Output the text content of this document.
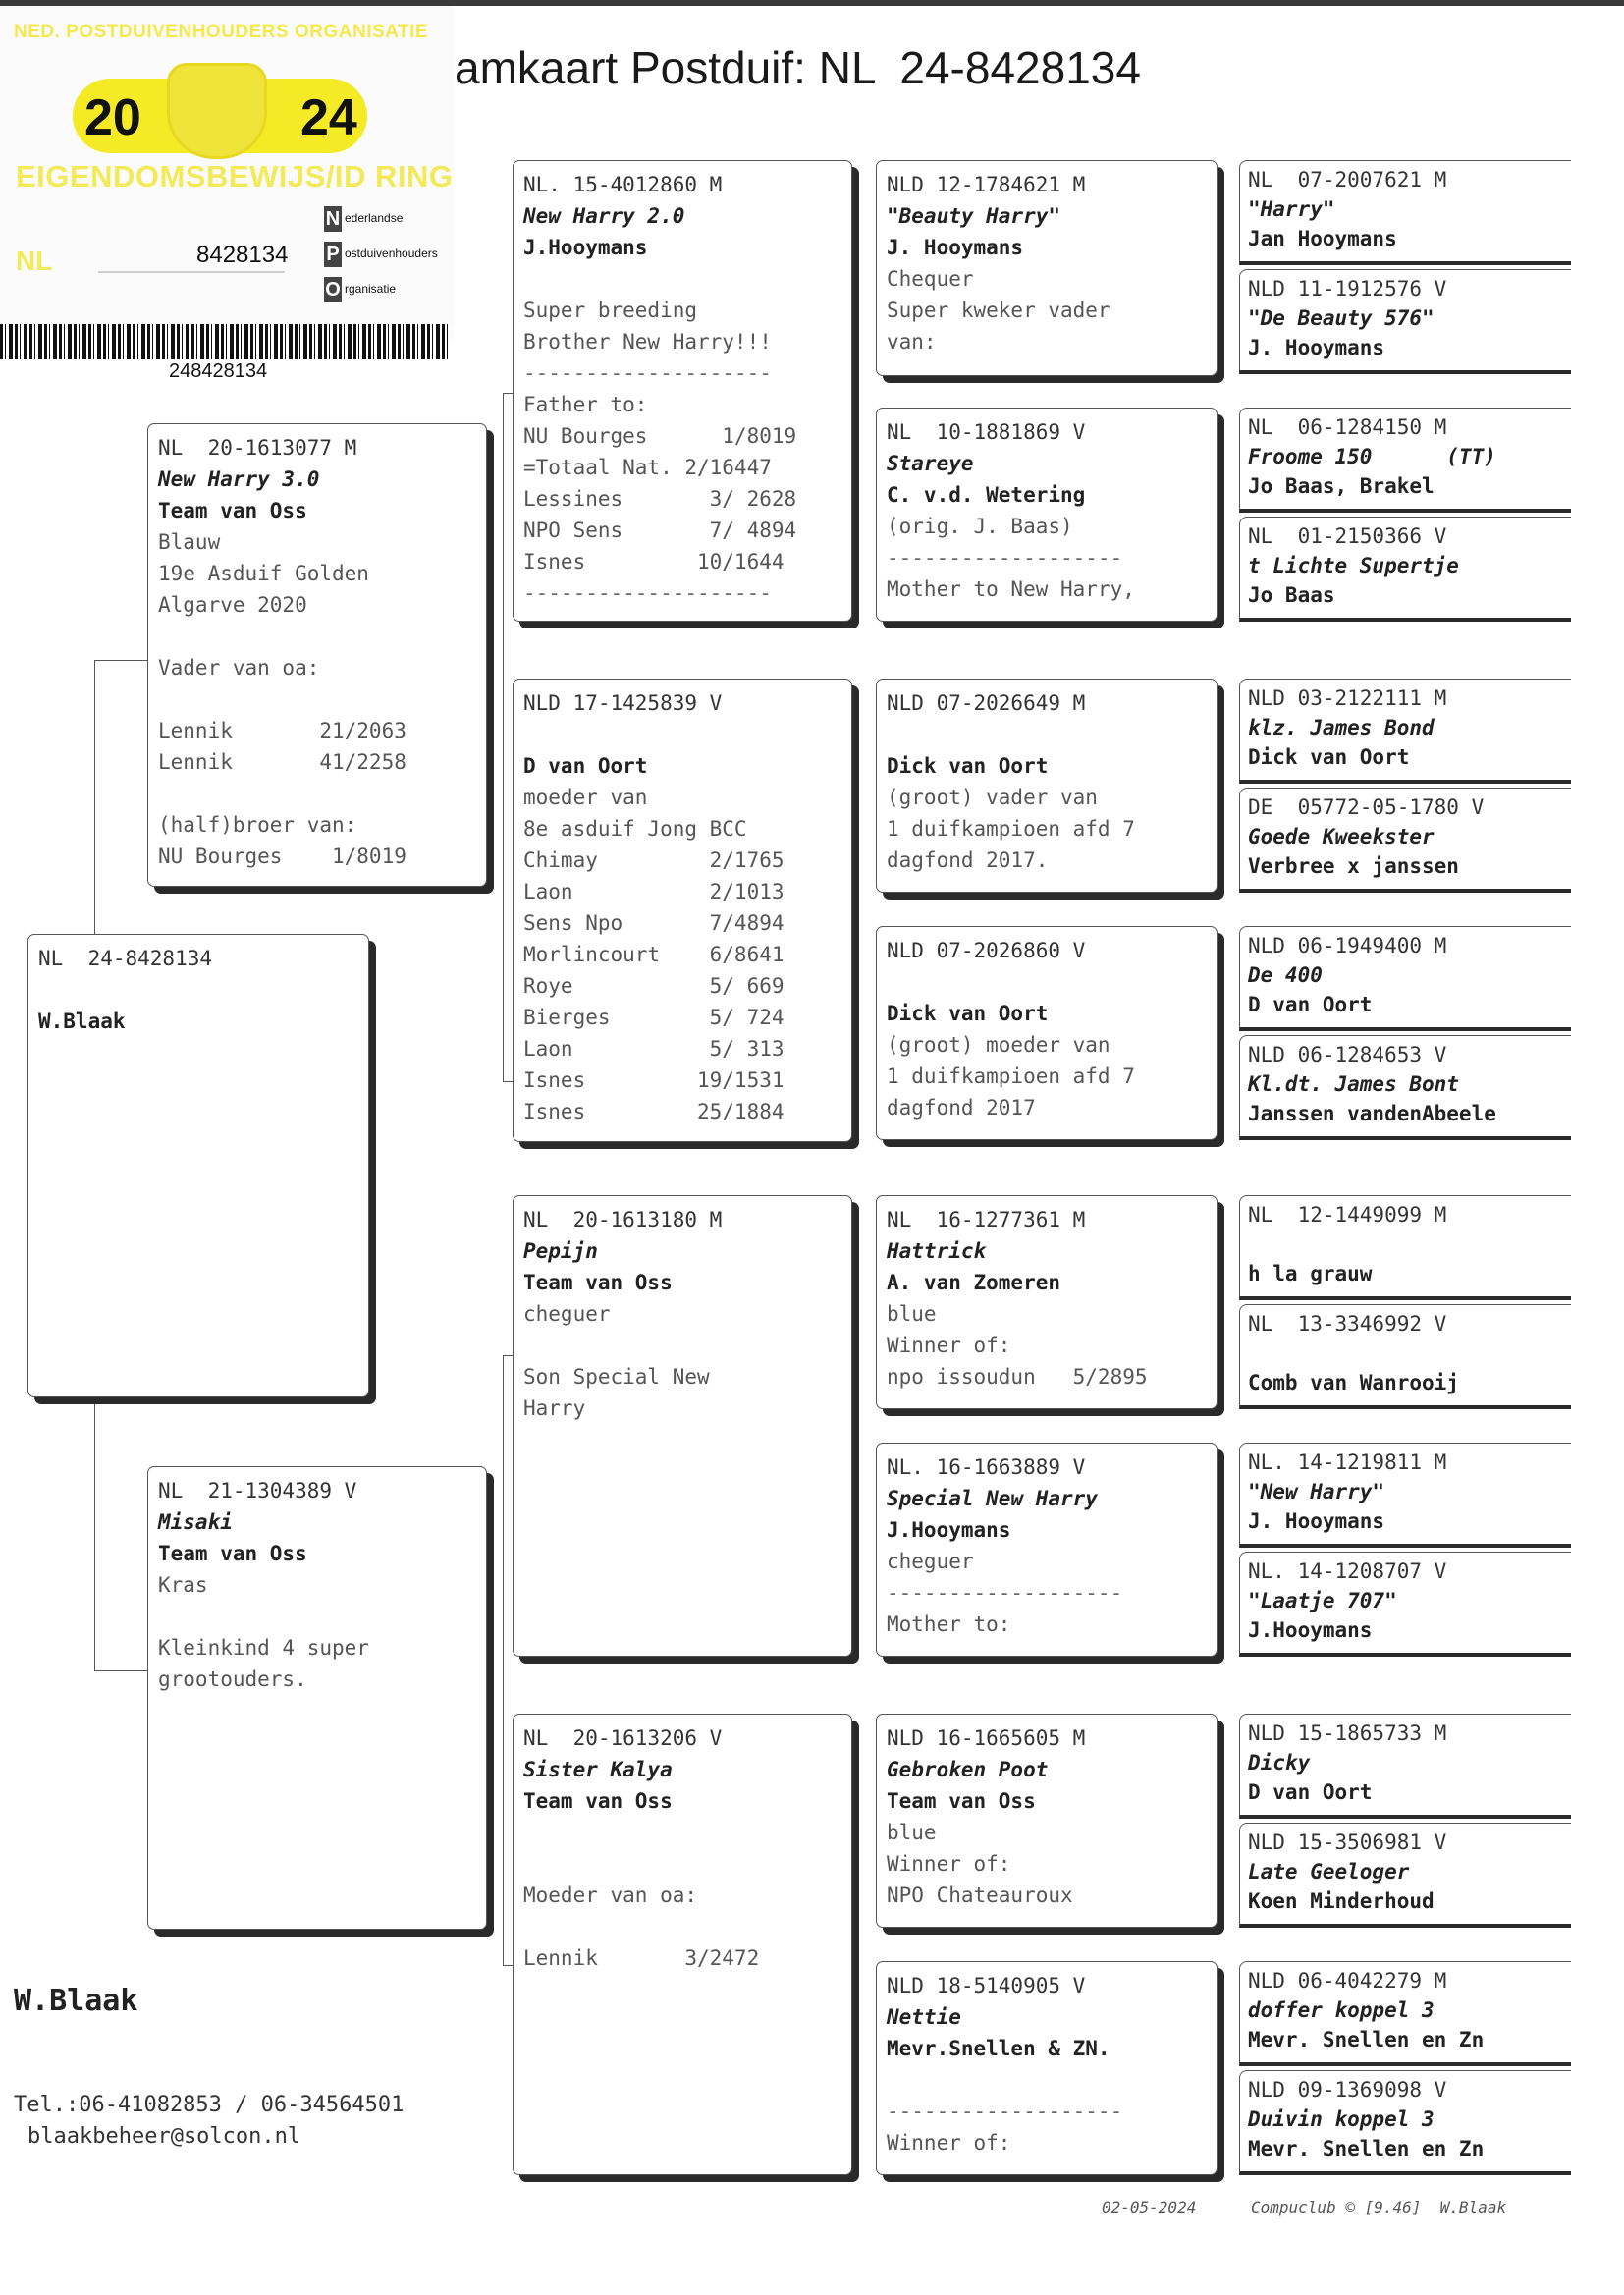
NED. POSTDUIVENHOUDERS ORGANISATIE
20	24
EIGENDOMSBEWIJS/ID RING
NL	8428134
N ederlandse
P ostduivenhouders
O rganisatie
248428134
amkaart Postduif: NL  24-8428134
NL  24-8428134
W.Blaak
NL  20-1613077 M
New Harry 3.0
Team van Oss
Blauw
19e Asduif Golden
Algarve 2020
Vader van oa:
Lennik       21/2063
Lennik       41/2258
(half)broer van:
NU Bourges    1/8019
NL  21-1304389 V
Misaki
Team van Oss
Kras
Kleinkind 4 super
grootouders.
NL. 15-4012860 M
New Harry 2.0
J.Hooymans
Super breeding
Brother New Harry!!!
--------------------
Father to:
NU Bourges      1/8019
=Totaal Nat. 2/16447
Lessines       3/ 2628
NPO Sens       7/ 4894
Isnes         10/1644
--------------------
NLD 17-1425839 V
D van Oort
moeder van
8e asduif Jong BCC
Chimay         2/1765
Laon           2/1013
Sens Npo       7/4894
Morlincourt    6/8641
Roye           5/ 669
Bierges        5/ 724
Laon           5/ 313
Isnes         19/1531
Isnes         25/1884
NL  20-1613180 M
Pepijn
Team van Oss
cheguer
Son Special New
Harry
NL  20-1613206 V
Sister Kalya
Team van Oss
Moeder van oa:
Lennik       3/2472
NLD 12-1784621 M
"Beauty Harry"
J. Hooymans
Chequer
Super kweker vader
van:
NL  10-1881869 V
Stareye
C. v.d. Wetering
(orig. J. Baas)
-------------------
Mother to New Harry,
NLD 07-2026649 M
Dick van Oort
(groot) vader van
1 duifkampioen afd 7
dagfond 2017.
NLD 07-2026860 V
Dick van Oort
(groot) moeder van
1 duifkampioen afd 7
dagfond 2017
NL  16-1277361 M
Hattrick
A. van Zomeren
blue
Winner of:
npo issoudun   5/2895
NL. 16-1663889 V
Special New Harry
J.Hooymans
cheguer
-------------------
Mother to:
NLD 16-1665605 M
Gebroken Poot
Team van Oss
blue
Winner of:
NPO Chateauroux
NLD 18-5140905 V
Nettie
Mevr.Snellen & ZN.
-------------------
Winner of:
NL  07-2007621 M
"Harry"
Jan Hooymans
NLD 11-1912576 V
"De Beauty 576"
J. Hooymans
NL  06-1284150 M
Froome 150      (TT)
Jo Baas, Brakel
NL  01-2150366 V
t Lichte Supertje
Jo Baas
NLD 03-2122111 M
klz. James Bond
Dick van Oort
DE  05772-05-1780 V
Goede Kweekster
Verbree x janssen
NLD 06-1949400 M
De 400
D van Oort
NLD 06-1284653 V
Kl.dt. James Bont
Janssen vandenAbeele
NL  12-1449099 M
h la grauw
NL  13-3346992 V
Comb van Wanrooij
NL. 14-1219811 M
"New Harry"
J. Hooymans
NL. 14-1208707 V
"Laatje 707"
J.Hooymans
NLD 15-1865733 M
Dicky
D van Oort
NLD 15-3506981 V
Late Geeloger
Koen Minderhoud
NLD 06-4042279 M
doffer koppel 3
Mevr. Snellen en Zn
NLD 09-1369098 V
Duivin koppel 3
Mevr. Snellen en Zn
W.Blaak
Tel.:06-41082853 / 06-34564501
blaakbeheer@solcon.nl
02-05-2024	Compuclub © [9.46]  W.Blaak
